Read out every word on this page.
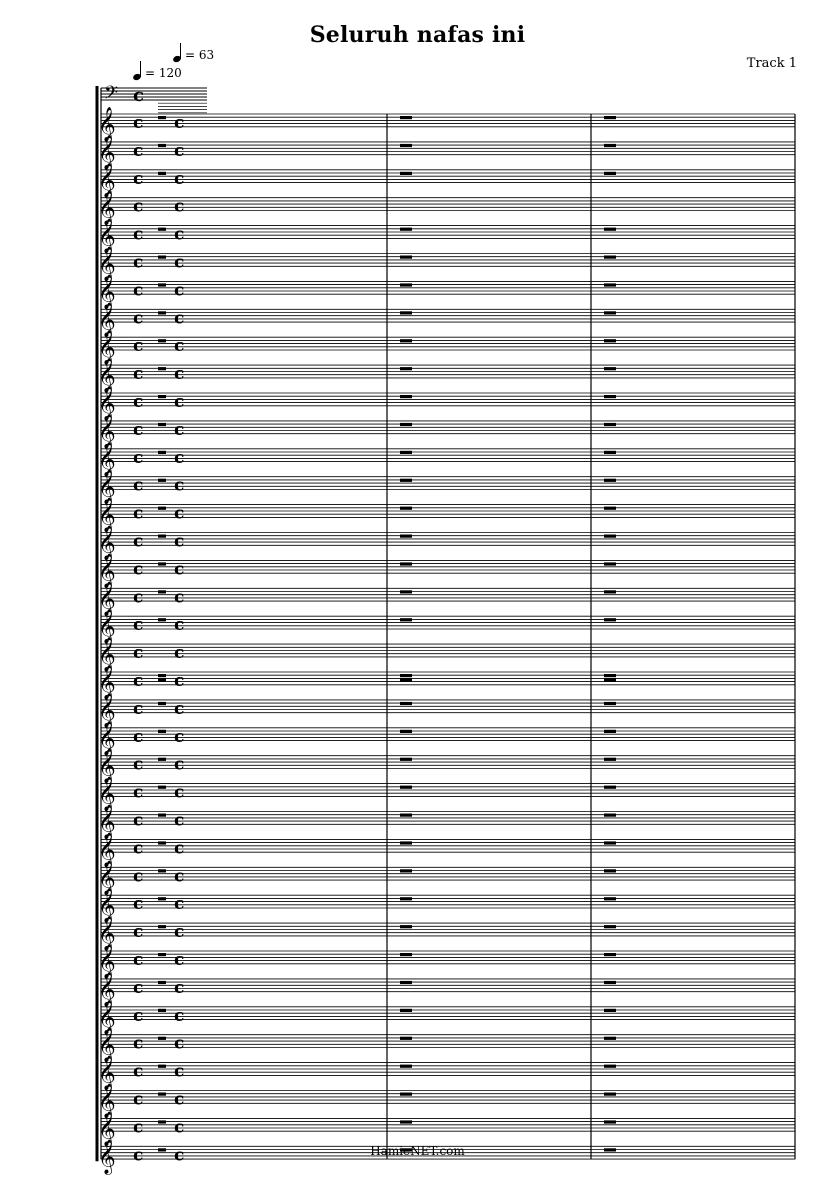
Seluruh nafas ini
Track 1
= 120
= 63
𝄢 c
𝄞 c c
𝄞 c c
𝄞 c c
𝄞 c c
𝄞 c c
𝄞 c c
𝄞 c c
𝄞 c c
𝄞 c c
𝄞 c c
𝄞 c c
𝄞 c c
𝄞 c c
𝄞 c c
𝄞 c c
𝄞 c c
𝄞 c c
𝄞 c c
𝄞 c c
𝄞 c c
𝄞 c c
𝄞 c c
𝄞 c c
𝄞 c c
𝄞 c c
𝄞 c c
𝄞 c c
𝄞 c c
𝄞 c c
𝄞 c c
𝄞 c c
𝄞 c c
𝄞 c c
𝄞 c c
𝄞 c c
𝄞 c c
𝄞 c c
𝄞 c c	HamieNET.com
